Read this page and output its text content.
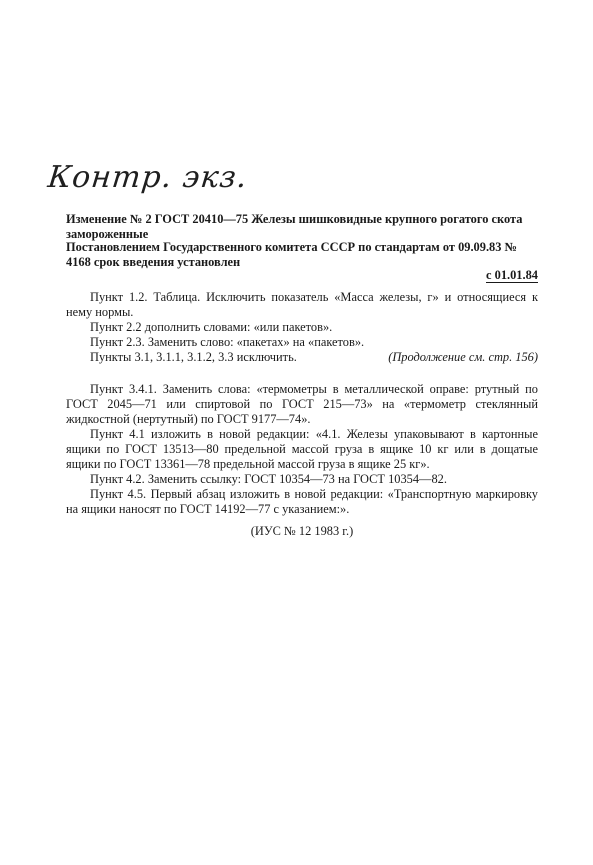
Контр. экз.
Изменение № 2 ГОСТ 20410—75 Железы шишковидные крупного рогатого скота замороженные
Постановлением Государственного комитета СССР по стандартам от 09.09.83 № 4168 срок введения установлен
с 01.01.84

Пункт 1.2. Таблица. Исключить показатель «Масса железы, г» и относящиеся к нему нормы.

Пункт 2.2 дополнить словами: «или пакетов».

Пункт 2.3. Заменить слово: «пакетах» на «пакетов».

Пункты 3.1, 3.1.1, 3.1.2, 3.3 исключить.	(Продолжение см. стр. 156)

Пункт 3.4.1. Заменить слова: «термометры в металлической оправе: ртутный по ГОСТ 2045—71 или спиртовой по ГОСТ 215—73» на «термометр стеклянный жидкостной (нертутный) по ГОСТ 9177—74».

Пункт 4.1 изложить в новой редакции: «4.1. Железы упаковывают в картонные ящики по ГОСТ 13513—80 предельной массой груза в ящике 10 кг или в дощатые ящики по ГОСТ 13361—78 предельной массой груза в ящике 25 кг».

Пункт 4.2. Заменить ссылку: ГОСТ 10354—73 на ГОСТ 10354—82.

Пункт 4.5. Первый абзац изложить в новой редакции: «Транспортную маркировку на ящики наносят по ГОСТ 14192—77 с указанием:».

(ИУС № 12 1983 г.)
